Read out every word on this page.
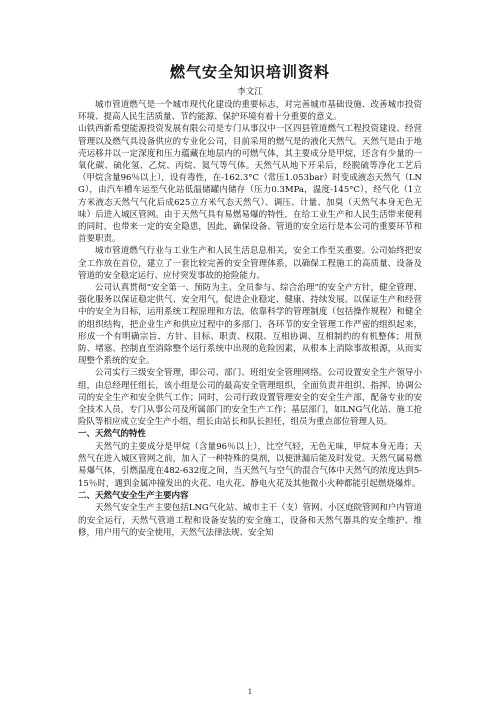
燃气安全知识培训资料
李文江

城市管道燃气是一个城市现代化建设的重要标志，对完善城市基础设施、改善城市投资环境、提高人民生活质量、节约能源、保护环境有着十分重要的意义。

山铁西新希望能源投资发展有限公司是专门从事汉中一区四县管道燃气工程投资建设、经营管理以及燃气具设备供应的专业化公司，目前采用的燃气是的液化天然气。天然气是由于地壳运移并以一定深度和压力蕴藏在地层内的可燃气体，其主要成分是甲烷，还含有少量的一氧化碳、硫化氢、乙烷、丙烷、氦气等气体。天然气从地下开采后，经脱硫等净化工艺后（甲烷含量96％以上），设有毒性，在-162.3°C（常压1.053bar）时变成液态天然气（LNG），由汽车槽车运至气化站低温储罐内储存（压力0.3MPa，温度-145°C），经气化（1立方米液态天然气气化后成625立方米气态天然气）、调压、计量、加臭（天然气本身无色无味）后进入城区管网。由于天然气具有易燃易爆的特性，在给工业生产和人民生活带来便利的同时，也带来一定的安全隐患，因此，确保设备、管道的安全运行是本公司的重要环节和首要职责。

城市管道燃气行业与工业生产和人民生活息息相关，安全工作至关重要。公司始终把安全工作放在首位，建立了一套比较完善的安全管理体系，以确保工程施工的高质量、设备及管道的安全稳定运行、应付突发事故的抢险能力。

公司认真贯彻“安全第一、预防为主、全员参与、综合治理”的安全产方针，健全管理、强化服务以保证稳定供气、安全用气，促进企业稳定、健康、持续发展。以保证生产和经营中的安全为目标，运用系统工程原理和方法，依靠科学的管理制度（包括操作规程）和健全的组织结构，把企业生产和供应过程中的多部门、各环节的安全管理工作严密的组织起来，形成一个有明确宗旨、方针、目标、职责、权限、互相协调、互相制约的有机整体；用预防、堵塞、控制直至消除整个运行系统中出现的危险因素，从根本上消除事故根源，从而实现整个系统的安全。

公司实行三级安全管理，即公司、部门、班组安全管理网络。公司设置安全生产领导小组，由总经理任组长，该小组是公司的最高安全管理组织，全面负责并组织、指挥、协调公司的安全生产和安全供气工作；同时，公司行政设置管理安全的安全生产部，配备专业的安全技术人员，专门从事公司及所属部门的安全生产工作；基层部门，如LNG气化站、施工抢险队等相应成立安全生产小组，组长由站长和队长担任，组员为重点部位管理人员。

一、天然气的特性

天然气的主要成分是甲烷（含量96％以上），比空气轻，无色无味，甲烷本身无毒；天然气在进入城区管网之前，加入了一种特殊的臭剂，以便泄漏后能及时发觉。天然气属易燃易爆气体，引燃温度在482-632度之间，当天然气与空气的混合气体中天然气的浓度达到5-15％时，遇到金属冲撞发出的火花、电火花、静电火花及其他微小火种都能引起燃烧爆炸。

二、天然气安全生产主要内容

天然气安全生产主要包括LNG气化站、城市主干（支）管网、小区庭院管网和户内管道的安全运行，天然气管道工程和设备安装的安全施工，设备和天然气器具的安全维护、维修，用户用气的安全使用，天然气法律法规、安全知

1
